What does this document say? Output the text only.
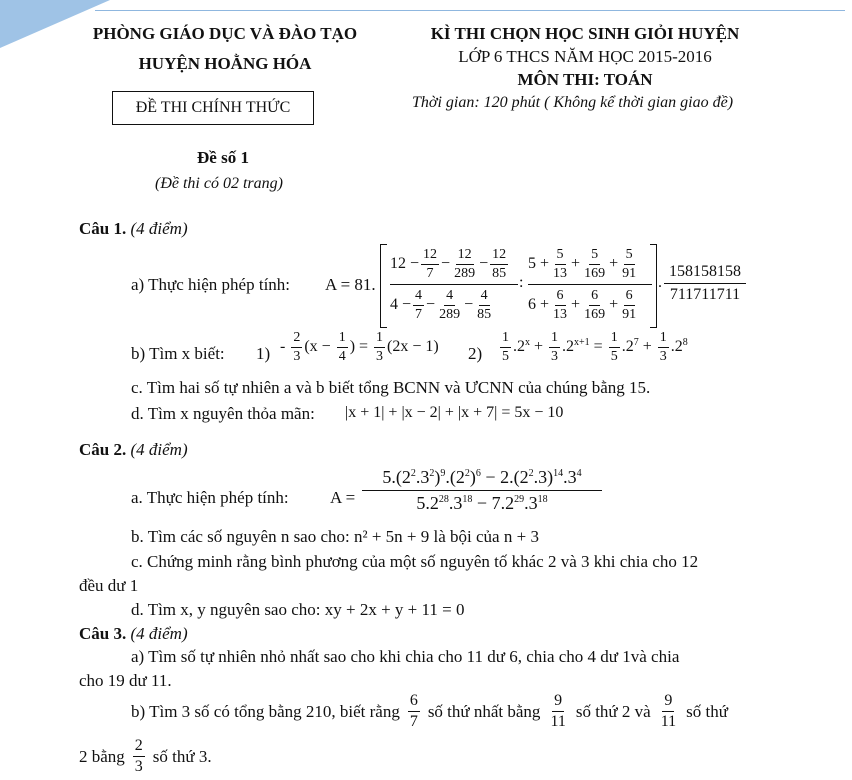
PHÒNG GIÁO DỤC VÀ ĐÀO TẠO
HUYỆN HOẰNG HÓA
ĐỀ THI CHÍNH THỨC
KÌ THI CHỌN HỌC SINH GIỎI HUYỆN
LỚP 6 THCS NĂM HỌC 2015-2016
MÔN THI: TOÁN
Thời gian: 120 phút ( Không kể thời gian giao đề)
Đề số 1
(Đề thi có 02 trang)
Câu 1. (4 điểm)
a) Thực hiện phép tính: A = 81.
$12 - \frac{12}{7} - \frac{12}{289} - \frac{12}{85}$
$4 - \frac{4}{7} - \frac{4}{289} - \frac{4}{85}$
:
$5 + \frac{5}{13} + \frac{5}{169} + \frac{5}{91}$
$6 + \frac{6}{13} + \frac{6}{169} + \frac{6}{91}$
. $\frac{158158158}{711711711}$
b) Tìm x biết: $1) - \frac{2}{3} (x - \frac{1}{4}$ ) = $\frac{1}{3} (2x - 1)$ $2) \frac{1}{5} .2^x + \frac{1}{3} .2^{x+1} = \frac{1}{5} .2^7 + \frac{1}{3} .2^8$
c. Tìm hai số tự nhiên a và b biết tổng BCNN và ƯCNN của chúng bằng 15.
d. Tìm x nguyên thỏa mãn: |x + 1| + |x − 2| + |x + 7| = 5x − 10
Câu 2. (4 điểm)
a. Thực hiện phép tính: A =
$5.(2^2.3^2)^9.(2^2)^6 - 2.(2^2.3)^{14}.3^4$
$5.2^{28}.3^{18} - 7.2^{29}.3^{18}$
b. Tìm các số nguyên n sao cho: n² + 5n + 9 là bội của n + 3
c. Chứng minh rằng bình phương của một số nguyên tố khác 2 và 3 khi chia cho 12
đều dư 1
d. Tìm x, y nguyên sao cho: xy + 2x + y + 11 = 0
Câu 3. (4 điểm)
a) Tìm số tự nhiên nhỏ nhất sao cho khi chia cho 11 dư 6, chia cho 4 dư 1và chia
cho 19 dư 11.
b) Tìm 3 số có tổng bằng 210, biết rằng $\frac{6}{7}$ số thứ nhất bằng $\frac{9}{11}$ số thứ 2 và $\frac{9}{11}$ số thứ
2 bằng $\frac{2}{3}$ số thứ 3.
